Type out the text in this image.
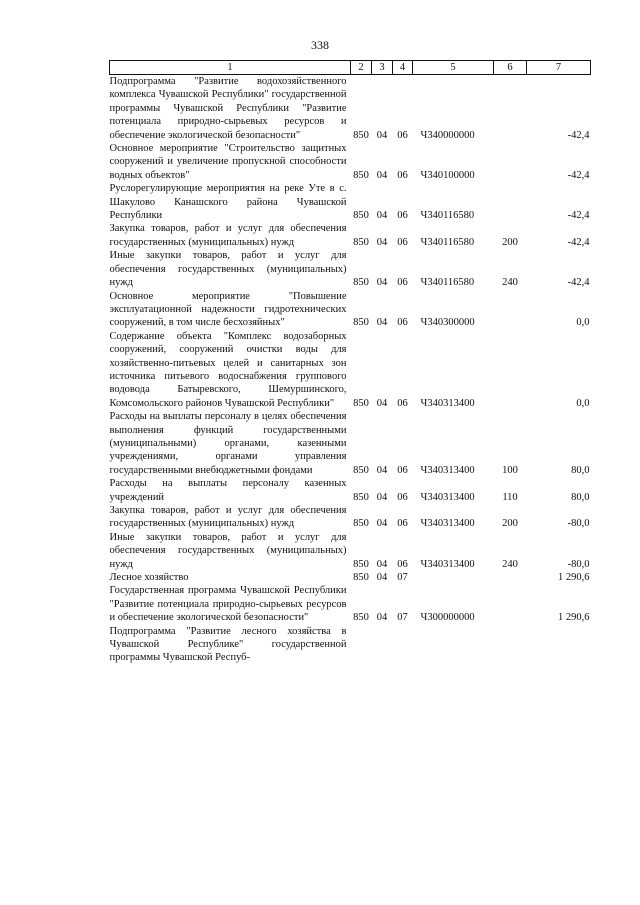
338
1	2	3	4	5	6	7
Подпрограмма "Развитие водохозяйственного комплекса Чувашской Республики" государственной программы Чувашской Республики "Развитие потенциала природно-сырьевых ресурсов и обеспечение экологической безопасности"	850	04	06	Ч340000000		-42,4
Основное мероприятие "Строительство защитных сооружений и увеличение пропускной способности водных объектов"	850	04	06	Ч340100000		-42,4
Руслорегулирующие мероприятия на реке Уте в с. Шакулово Канашского района Чувашской Республики	850	04	06	Ч340116580		-42,4
Закупка товаров, работ и услуг для обеспечения государственных (муниципальных) нужд	850	04	06	Ч340116580	200	-42,4
Иные закупки товаров, работ и услуг для обеспечения государственных (муниципальных) нужд	850	04	06	Ч340116580	240	-42,4
Основное мероприятие "Повышение эксплуатационной надежности гидротехнических сооружений, в том числе бесхозяйных"	850	04	06	Ч340300000		0,0
Содержание объекта "Комплекс водозаборных сооружений, сооружений очистки воды для хозяйственно-питьевых целей и санитарных зон источника питьевого водоснабжения группового водовода Батыревского, Шемуршинского, Комсомольского районов Чувашской Республики"	850	04	06	Ч340313400		0,0
Расходы на выплаты персоналу в целях обеспечения выполнения функций государственными (муниципальными) органами, казенными учреждениями, органами управления государственными внебюджетными фондами	850	04	06	Ч340313400	100	80,0
Расходы на выплаты персоналу казенных учреждений	850	04	06	Ч340313400	110	80,0
Закупка товаров, работ и услуг для обеспечения государственных (муниципальных) нужд	850	04	06	Ч340313400	200	-80,0
Иные закупки товаров, работ и услуг для обеспечения государственных (муниципальных) нужд	850	04	06	Ч340313400	240	-80,0
Лесное хозяйство	850	04	07			1 290,6
Государственная программа Чувашской Республики "Развитие потенциала природно-сырьевых ресурсов и обеспечение экологической безопасности"	850	04	07	Ч300000000		1 290,6
Подпрограмма "Развитие лесного хозяйства в Чувашской Республике" государственной программы Чувашской Респуб-						
